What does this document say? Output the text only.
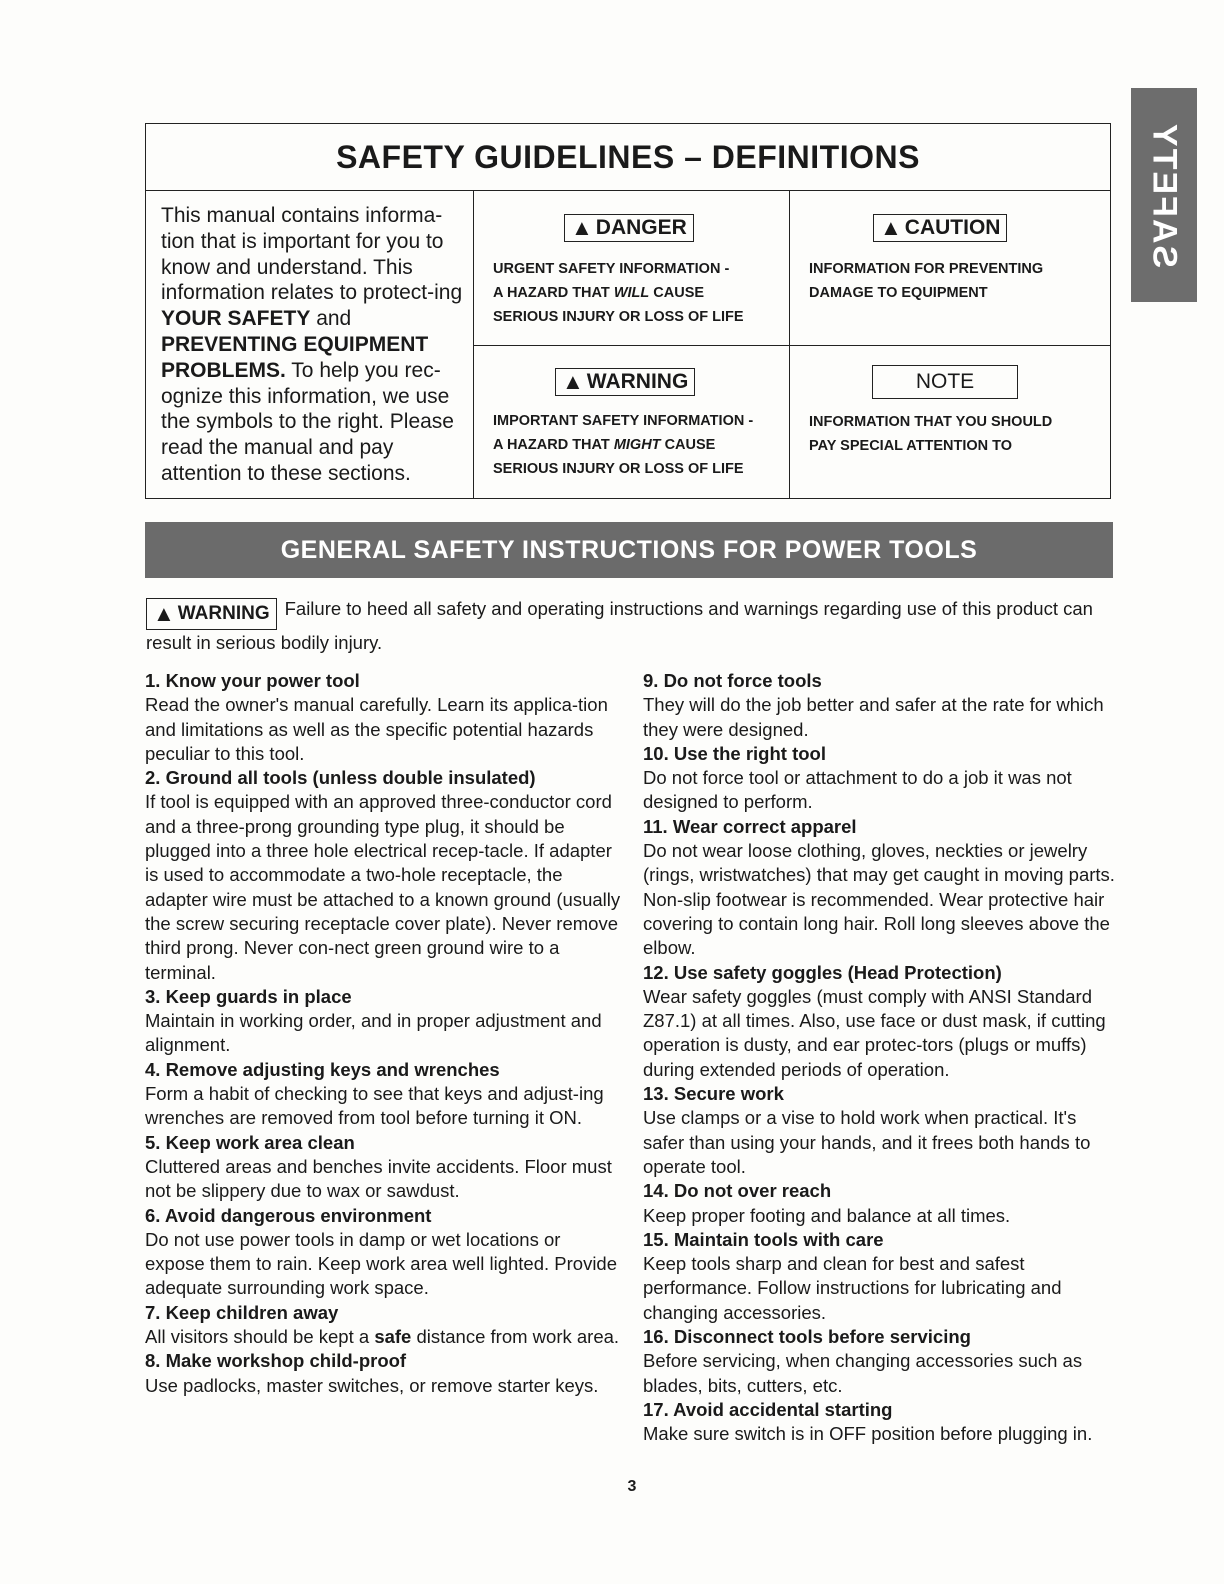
SAFETY
SAFETY GUIDELINES – DEFINITIONS

This manual contains informa-tion that is important for you to know and understand. This information relates to protect-ing YOUR SAFETY and PREVENTING EQUIPMENT PROBLEMS. To help you rec-ognize this information, we use the symbols to the right. Please read the manual and pay attention to these sections.

▲ DANGER
URGENT SAFETY INFORMATION -
A HAZARD THAT WILL CAUSE
SERIOUS INJURY OR LOSS OF LIFE
▲ CAUTION
INFORMATION FOR PREVENTING
DAMAGE TO EQUIPMENT
▲ WARNING
IMPORTANT SAFETY INFORMATION -
A HAZARD THAT MIGHT CAUSE
SERIOUS INJURY OR LOSS OF LIFE
NOTE
INFORMATION THAT YOU SHOULD
PAY SPECIAL ATTENTION TO
GENERAL SAFETY INSTRUCTIONS FOR POWER TOOLS
▲ WARNING Failure to heed all safety and operating instructions and warnings regarding use of this product can result in serious bodily injury.
1. Know your power tool

Read the owner's manual carefully. Learn its applica-tion and limitations as well as the specific potential hazards peculiar to this tool.

2. Ground all tools (unless double insulated)

If tool is equipped with an approved three-conductor cord and a three-prong grounding type plug, it should be plugged into a three hole electrical recep-tacle. If adapter is used to accommodate a two-hole receptacle, the adapter wire must be attached to a known ground (usually the screw securing receptacle cover plate). Never remove third prong. Never con-nect green ground wire to a terminal.

3. Keep guards in place

Maintain in working order, and in proper adjustment and alignment.

4. Remove adjusting keys and wrenches

Form a habit of checking to see that keys and adjust-ing wrenches are removed from tool before turning it ON.

5. Keep work area clean

Cluttered areas and benches invite accidents. Floor must not be slippery due to wax or sawdust.

6. Avoid dangerous environment

Do not use power tools in damp or wet locations or expose them to rain. Keep work area well lighted. Provide adequate surrounding work space.

7. Keep children away

All visitors should be kept a safe distance from work area.

8. Make workshop child-proof

Use padlocks, master switches, or remove starter keys.

9. Do not force tools

They will do the job better and safer at the rate for which they were designed.

10. Use the right tool

Do not force tool or attachment to do a job it was not designed to perform.

11. Wear correct apparel

Do not wear loose clothing, gloves, neckties or jewelry (rings, wristwatches) that may get caught in moving parts. Non-slip footwear is recommended. Wear protective hair covering to contain long hair. Roll long sleeves above the elbow.

12. Use safety goggles (Head Protection)

Wear safety goggles (must comply with ANSI Standard Z87.1) at all times. Also, use face or dust mask, if cutting operation is dusty, and ear protec-tors (plugs or muffs) during extended periods of operation.

13. Secure work

Use clamps or a vise to hold work when practical. It's safer than using your hands, and it frees both hands to operate tool.

14. Do not over reach

Keep proper footing and balance at all times.

15. Maintain tools with care

Keep tools sharp and clean for best and safest performance. Follow instructions for lubricating and changing accessories.

16. Disconnect tools before servicing

Before servicing, when changing accessories such as blades, bits, cutters, etc.

17. Avoid accidental starting

Make sure switch is in OFF position before plugging in.

3
